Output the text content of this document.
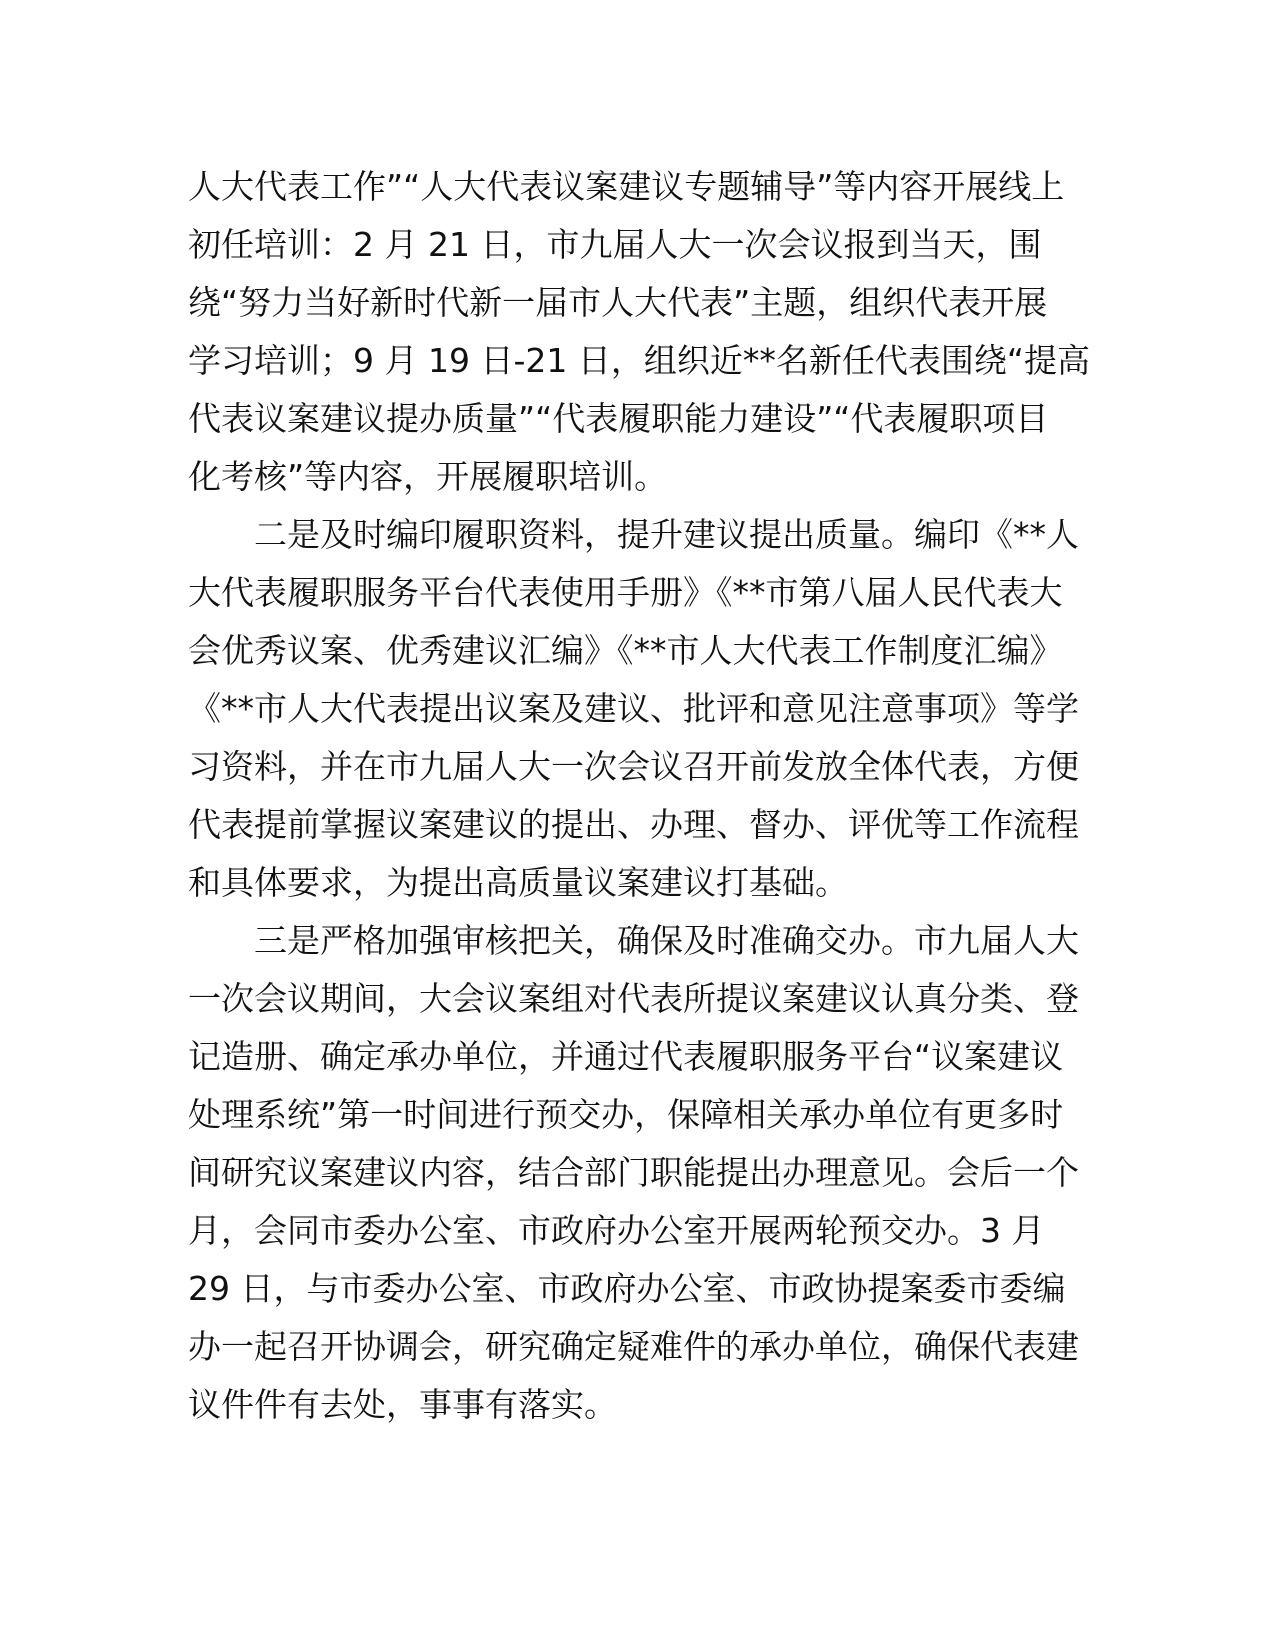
人大代表工作”“人大代表议案建议专题辅导”等内容开展线上
初任培训：2 月 21 日，市九届人大一次会议报到当天，围
绕“努力当好新时代新一届市人大代表”主题，组织代表开展
学习培训；9 月 19 日-21 日，组织近**名新任代表围绕“提高
代表议案建议提办质量”“代表履职能力建设”“代表履职项目
化考核”等内容，开展履职培训。
　　二是及时编印履职资料，提升建议提出质量。编印《**人
大代表履职服务平台代表使用手册》《**市第八届人民代表大
会优秀议案、优秀建议汇编》《**市人大代表工作制度汇编》
《**市人大代表提出议案及建议、批评和意见注意事项》等学
习资料，并在市九届人大一次会议召开前发放全体代表，方便
代表提前掌握议案建议的提出、办理、督办、评优等工作流程
和具体要求，为提出高质量议案建议打基础。
　　三是严格加强审核把关，确保及时准确交办。市九届人大
一次会议期间，大会议案组对代表所提议案建议认真分类、登
记造册、确定承办单位，并通过代表履职服务平台“议案建议
处理系统”第一时间进行预交办，保障相关承办单位有更多时
间研究议案建议内容，结合部门职能提出办理意见。会后一个
月，会同市委办公室、市政府办公室开展两轮预交办。3 月
29 日，与市委办公室、市政府办公室、市政协提案委市委编
办一起召开协调会，研究确定疑难件的承办单位，确保代表建
议件件有去处，事事有落实。
